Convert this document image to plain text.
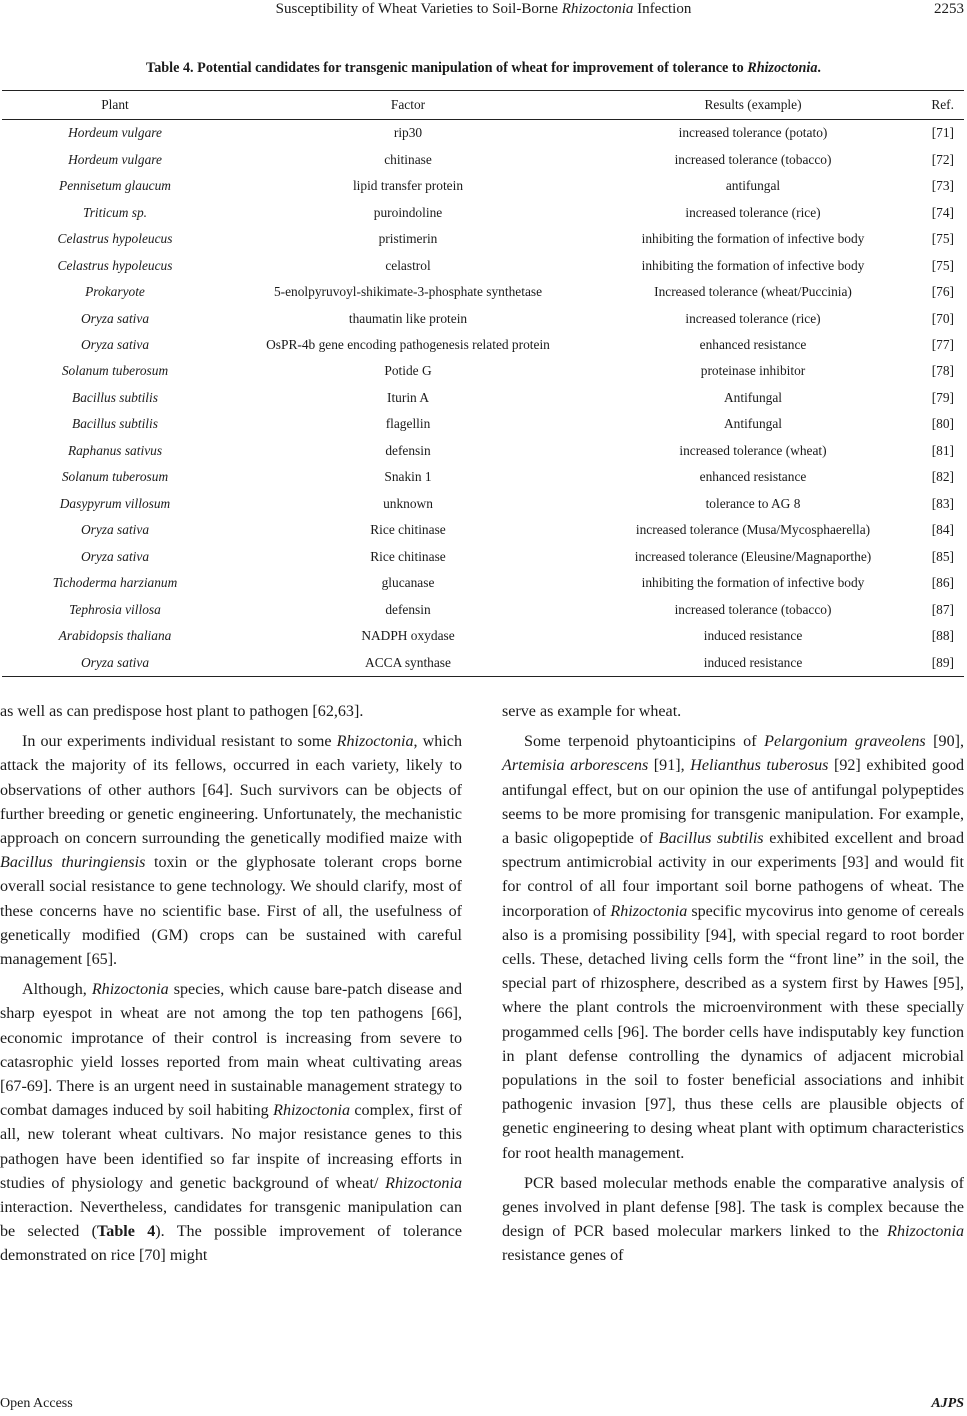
Susceptibility of Wheat Varieties to Soil-Borne Rhizoctonia Infection	2253
Table 4. Potential candidates for transgenic manipulation of wheat for improvement of tolerance to Rhizoctonia.
Plant	Factor	Results (example)	Ref.
Hordeum vulgare	rip30	increased tolerance (potato)	[71]
Hordeum vulgare	chitinase	increased tolerance (tobacco)	[72]
Pennisetum glaucum	lipid transfer protein	antifungal	[73]
Triticum sp.	puroindoline	increased tolerance (rice)	[74]
Celastrus hypoleucus	pristimerin	inhibiting the formation of infective body	[75]
Celastrus hypoleucus	celastrol	inhibiting the formation of infective body	[75]
Prokaryote	5-enolpyruvoyl-shikimate-3-phosphate synthetase	Increased tolerance (wheat/Puccinia)	[76]
Oryza sativa	thaumatin like protein	increased tolerance (rice)	[70]
Oryza sativa	OsPR-4b gene encoding pathogenesis related protein	enhanced resistance	[77]
Solanum tuberosum	Potide G	proteinase inhibitor	[78]
Bacillus subtilis	Iturin A	Antifungal	[79]
Bacillus subtilis	flagellin	Antifungal	[80]
Raphanus sativus	defensin	increased tolerance (wheat)	[81]
Solanum tuberosum	Snakin 1	enhanced resistance	[82]
Dasypyrum villosum	unknown	tolerance to AG 8	[83]
Oryza sativa	Rice chitinase	increased tolerance (Musa/Mycosphaerella)	[84]
Oryza sativa	Rice chitinase	increased tolerance (Eleusine/Magnaporthe)	[85]
Tichoderma harzianum	glucanase	inhibiting the formation of infective body	[86]
Tephrosia villosa	defensin	increased tolerance (tobacco)	[87]
Arabidopsis thaliana	NADPH oxydase	induced resistance	[88]
Oryza sativa	ACCA synthase	induced resistance	[89]

as well as can predispose host plant to pathogen [62,63].

In our experiments individual resistant to some Rhizoctonia, which attack the majority of its fellows, occurred in each variety, likely to observations of other authors [64]. Such survivors can be objects of further breeding or genetic engineering. Unfortunately, the mechanistic approach on concern surrounding the genetically modified maize with Bacillus thuringiensis toxin or the glyphosate tolerant crops borne overall social resistance to gene technology. We should clarify, most of these concerns have no scientific base. First of all, the usefulness of genetically modified (GM) crops can be sustained with careful management [65].

Although, Rhizoctonia species, which cause bare-patch disease and sharp eyespot in wheat are not among the top ten pathogens [66], economic improtance of their control is increasing from severe to catasrophic yield losses reported from main wheat cultivating areas [67-69]. There is an urgent need in sustainable management strategy to combat damages induced by soil habiting Rhizoctonia complex, first of all, new tolerant wheat cultivars. No major resistance genes to this pathogen have been identified so far inspite of increasing efforts in studies of physiology and genetic background of wheat/ Rhizoctonia interaction. Nevertheless, candidates for transgenic manipulation can be selected (Table 4). The possible improvement of tolerance demonstrated on rice [70] might

serve as example for wheat.

Some terpenoid phytoanticipins of Pelargonium graveolens [90], Artemisia arborescens [91], Helianthus tuberosus [92] exhibited good antifungal effect, but on our opinion the use of antifungal polypeptides seems to be more promising for transgenic manipulation. For example, a basic oligopeptide of Bacillus subtilis exhibited excellent and broad spectrum antimicrobial activity in our experiments [93] and would fit for control of all four important soil borne pathogens of wheat. The incorporation of Rhizoctonia specific mycovirus into genome of cereals also is a promising possibility [94], with special regard to root border cells. These, detached living cells form the “front line” in the soil, the special part of rhizosphere, described as a system first by Hawes [95], where the plant controls the microenvironment with these specially progammed cells [96]. The border cells have indisputably key function in plant defense controlling the dynamics of adjacent microbial populations in the soil to foster beneficial associations and inhibit pathogenic invasion [97], thus these cells are plausible objects of genetic engineering to desing wheat plant with optimum characteristics for root health management.

PCR based molecular methods enable the comparative analysis of genes involved in plant defense [98]. The task is complex because the design of PCR based molecular markers linked to the Rhizoctonia resistance genes of

Open Access	AJPS
